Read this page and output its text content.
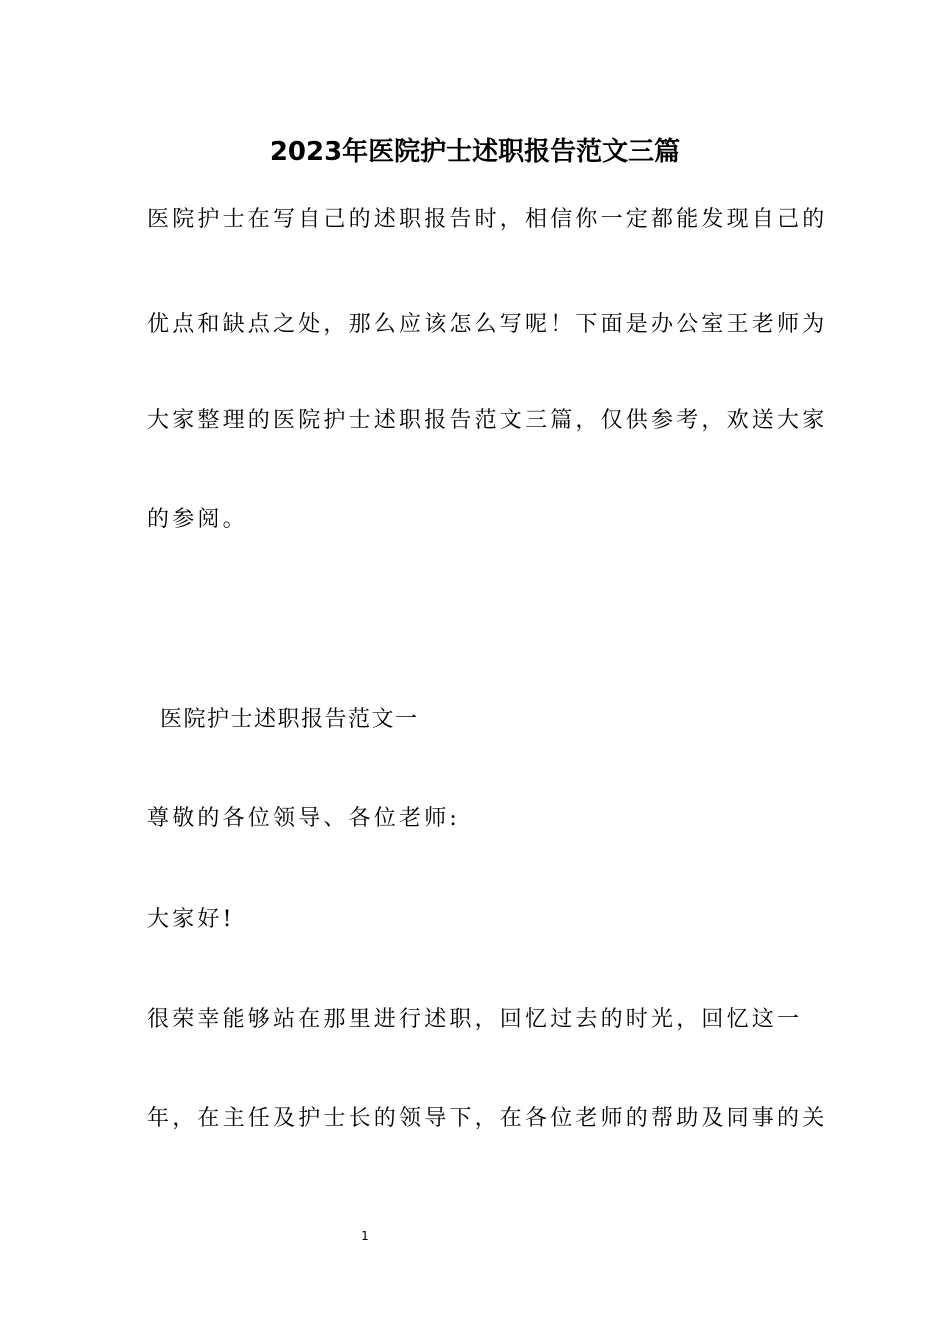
2023年医院护士述职报告范文三篇
医院护士在写自己的述职报告时，相信你一定都能发现自己的
优点和缺点之处，那么应该怎么写呢！下面是办公室王老师为
大家整理的医院护士述职报告范文三篇，仅供参考，欢送大家
的参阅。
医院护士述职报告范文一
尊敬的各位领导、各位老师:
大家好!
很荣幸能够站在那里进行述职，回忆过去的时光，回忆这一
年，在主任及护士长的领导下，在各位老师的帮助及同事的关
1
